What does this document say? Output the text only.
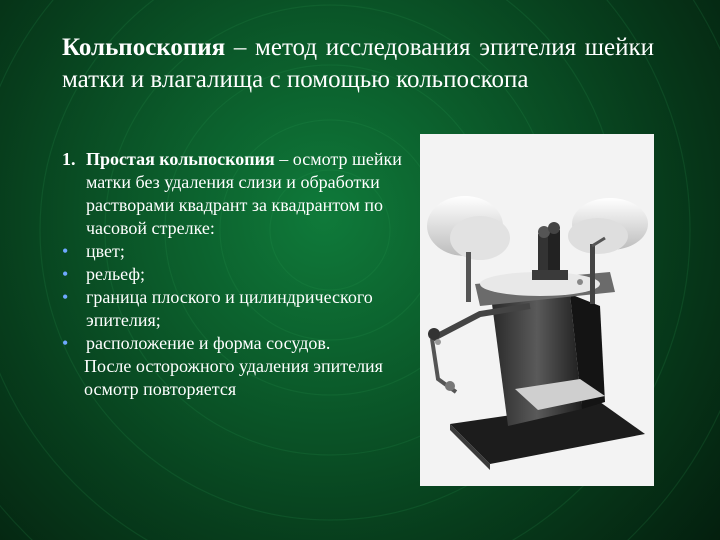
Кольпоскопия – метод исследования эпителия шейки матки и влагалища с помощью кольпоскопа
1. Простая кольпоскопия – осмотр шейки матки без удаления слизи и обработки растворами квадрант за квадрантом по часовой стрелке:
• цвет;
• рельеф;
• граница плоского и цилиндрического эпителия;
• расположение и форма сосудов.
После осторожного удаления эпителия осмотр повторяется
